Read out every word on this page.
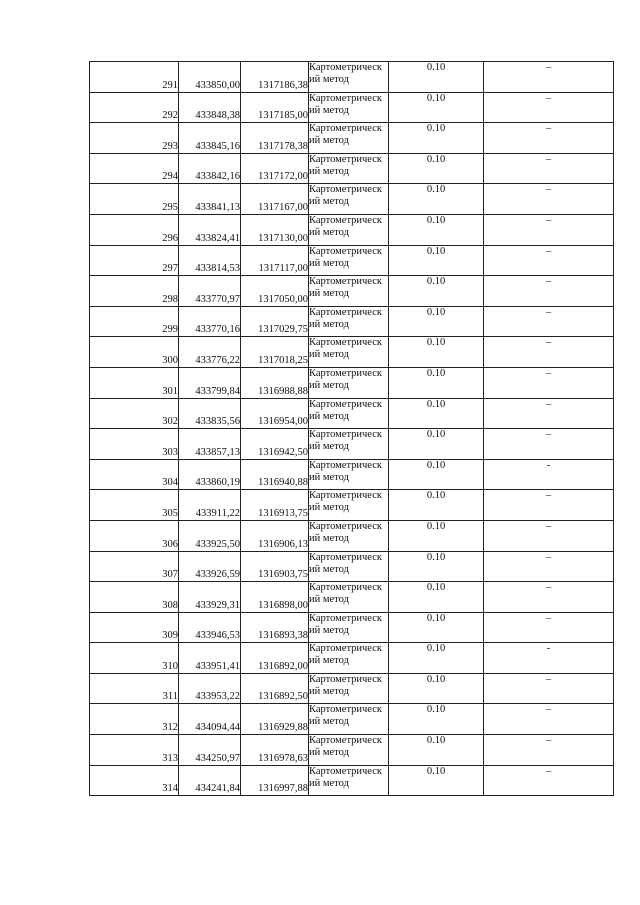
291	433850,00	1317186,38	Картометрическ
ий метод	0.10	–
292	433848,38	1317185,00	Картометрическ
ий метод	0.10	–
293	433845,16	1317178,38	Картометрическ
ий метод	0.10	–
294	433842,16	1317172,00	Картометрическ
ий метод	0.10	–
295	433841,13	1317167,00	Картометрическ
ий метод	0.10	–
296	433824,41	1317130,00	Картометрическ
ий метод	0.10	–
297	433814,53	1317117,00	Картометрическ
ий метод	0.10	–
298	433770,97	1317050,00	Картометрическ
ий метод	0.10	–
299	433770,16	1317029,75	Картометрическ
ий метод	0.10	–
300	433776,22	1317018,25	Картометрическ
ий метод	0.10	–
301	433799,84	1316988,88	Картометрическ
ий метод	0.10	–
302	433835,56	1316954,00	Картометрическ
ий метод	0.10	–
303	433857,13	1316942,50	Картометрическ
ий метод	0.10	–
304	433860,19	1316940,88	Картометрическ
ий метод	0.10	-
305	433911,22	1316913,75	Картометрическ
ий метод	0.10	–
306	433925,50	1316906,13	Картометрическ
ий метод	0.10	–
307	433926,59	1316903,75	Картометрическ
ий метод	0.10	–
308	433929,31	1316898,00	Картометрическ
ий метод	0.10	–
309	433946,53	1316893,38	Картометрическ
ий метод	0.10	–
310	433951,41	1316892,00	Картометрическ
ий метод	0.10	-
311	433953,22	1316892,50	Картометрическ
ий метод	0.10	–
312	434094,44	1316929,88	Картометрическ
ий метод	0.10	–
313	434250,97	1316978,63	Картометрическ
ий метод	0.10	–
314	434241,84	1316997,88	Картометрическ
ий метод	0.10	–
